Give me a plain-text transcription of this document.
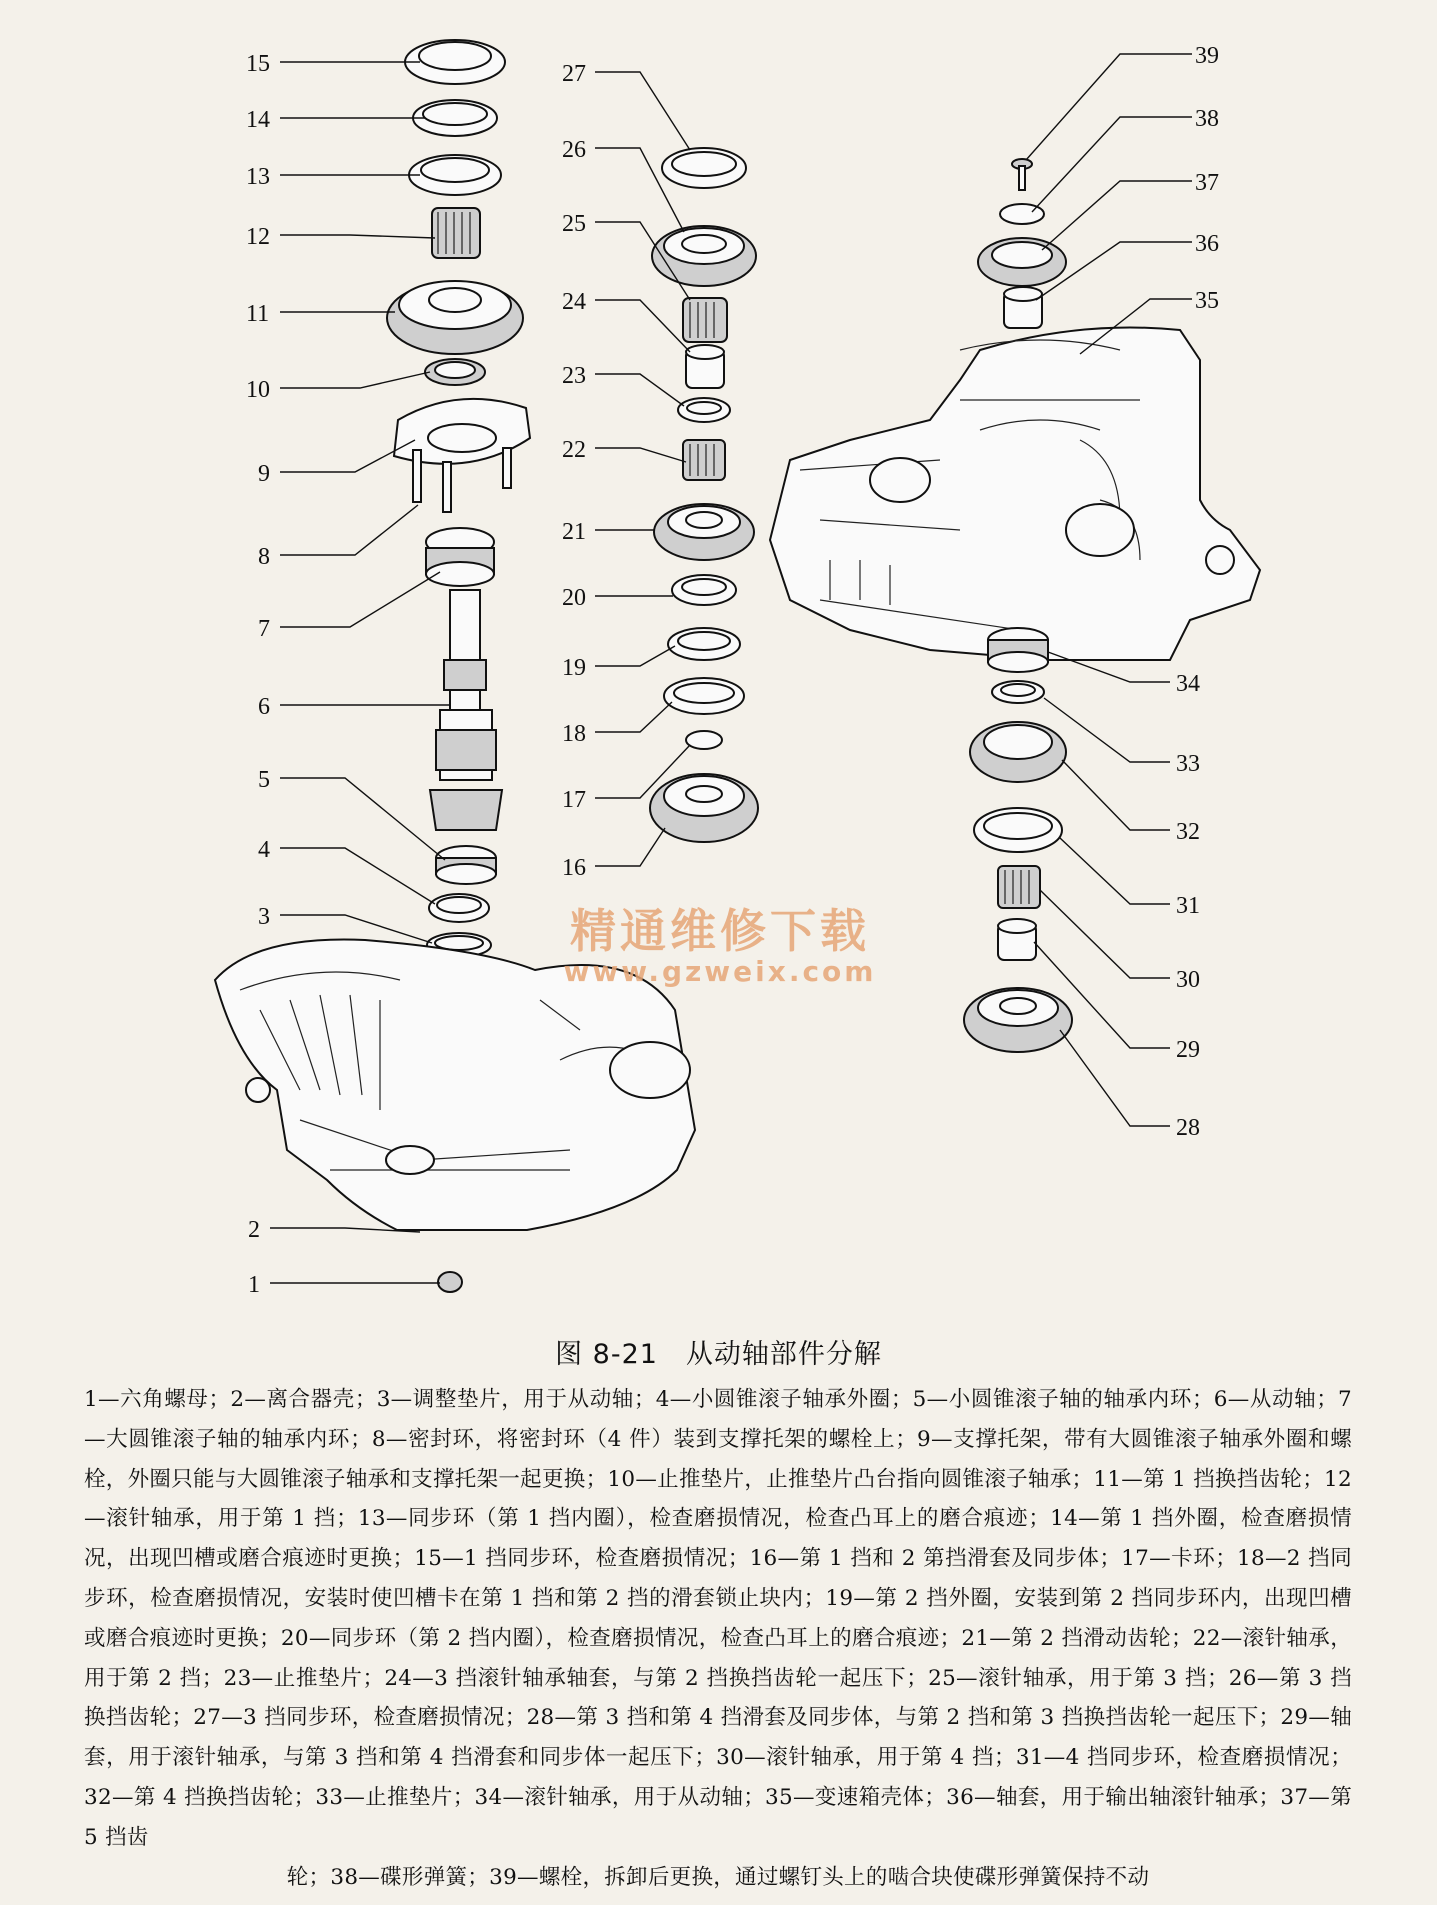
15
14
13
12
11
10
9
8
7
6
5
4
3
2
1
27
26
25
24
23
22
21
20
19
18
17
16
39
38
37
36
35
34
33
32
31
30
29
28
精通维修下载
www.gzweix.com
图 8-21　从动轴部件分解
1—六角螺母；2—离合器壳；3—调整垫片，用于从动轴；4—小圆锥滚子轴承外圈；5—小圆锥滚子轴的轴承内环；6—从动轴；7—大圆锥滚子轴的轴承内环；8—密封环，将密封环（4 件）装到支撑托架的螺栓上；9—支撑托架，带有大圆锥滚子轴承外圈和螺栓，外圈只能与大圆锥滚子轴承和支撑托架一起更换；10—止推垫片，止推垫片凸台指向圆锥滚子轴承；11—第 1 挡换挡齿轮；12—滚针轴承，用于第 1 挡；13—同步环（第 1 挡内圈），检查磨损情况，检查凸耳上的磨合痕迹；14—第 1 挡外圈，检查磨损情况，出现凹槽或磨合痕迹时更换；15—1 挡同步环，检查磨损情况；16—第 1 挡和 2 第挡滑套及同步体；17—卡环；18—2 挡同步环，检查磨损情况，安装时使凹槽卡在第 1 挡和第 2 挡的滑套锁止块内；19—第 2 挡外圈，安装到第 2 挡同步环内，出现凹槽或磨合痕迹时更换；20—同步环（第 2 挡内圈），检查磨损情况，检查凸耳上的磨合痕迹；21—第 2 挡滑动齿轮；22—滚针轴承，用于第 2 挡；23—止推垫片；24—3 挡滚针轴承轴套，与第 2 挡换挡齿轮一起压下；25—滚针轴承，用于第 3 挡；26—第 3 挡换挡齿轮；27—3 挡同步环，检查磨损情况；28—第 3 挡和第 4 挡滑套及同步体，与第 2 挡和第 3 挡换挡齿轮一起压下；29—轴套，用于滚针轴承，与第 3 挡和第 4 挡滑套和同步体一起压下；30—滚针轴承，用于第 4 挡；31—4 挡同步环，检查磨损情况；32—第 4 挡换挡齿轮；33—止推垫片；34—滚针轴承，用于从动轴；35—变速箱壳体；36—轴套，用于输出轴滚针轴承；37—第 5 挡齿
轮；38—碟形弹簧；39—螺栓，拆卸后更换，通过螺钉头上的啮合块使碟形弹簧保持不动
